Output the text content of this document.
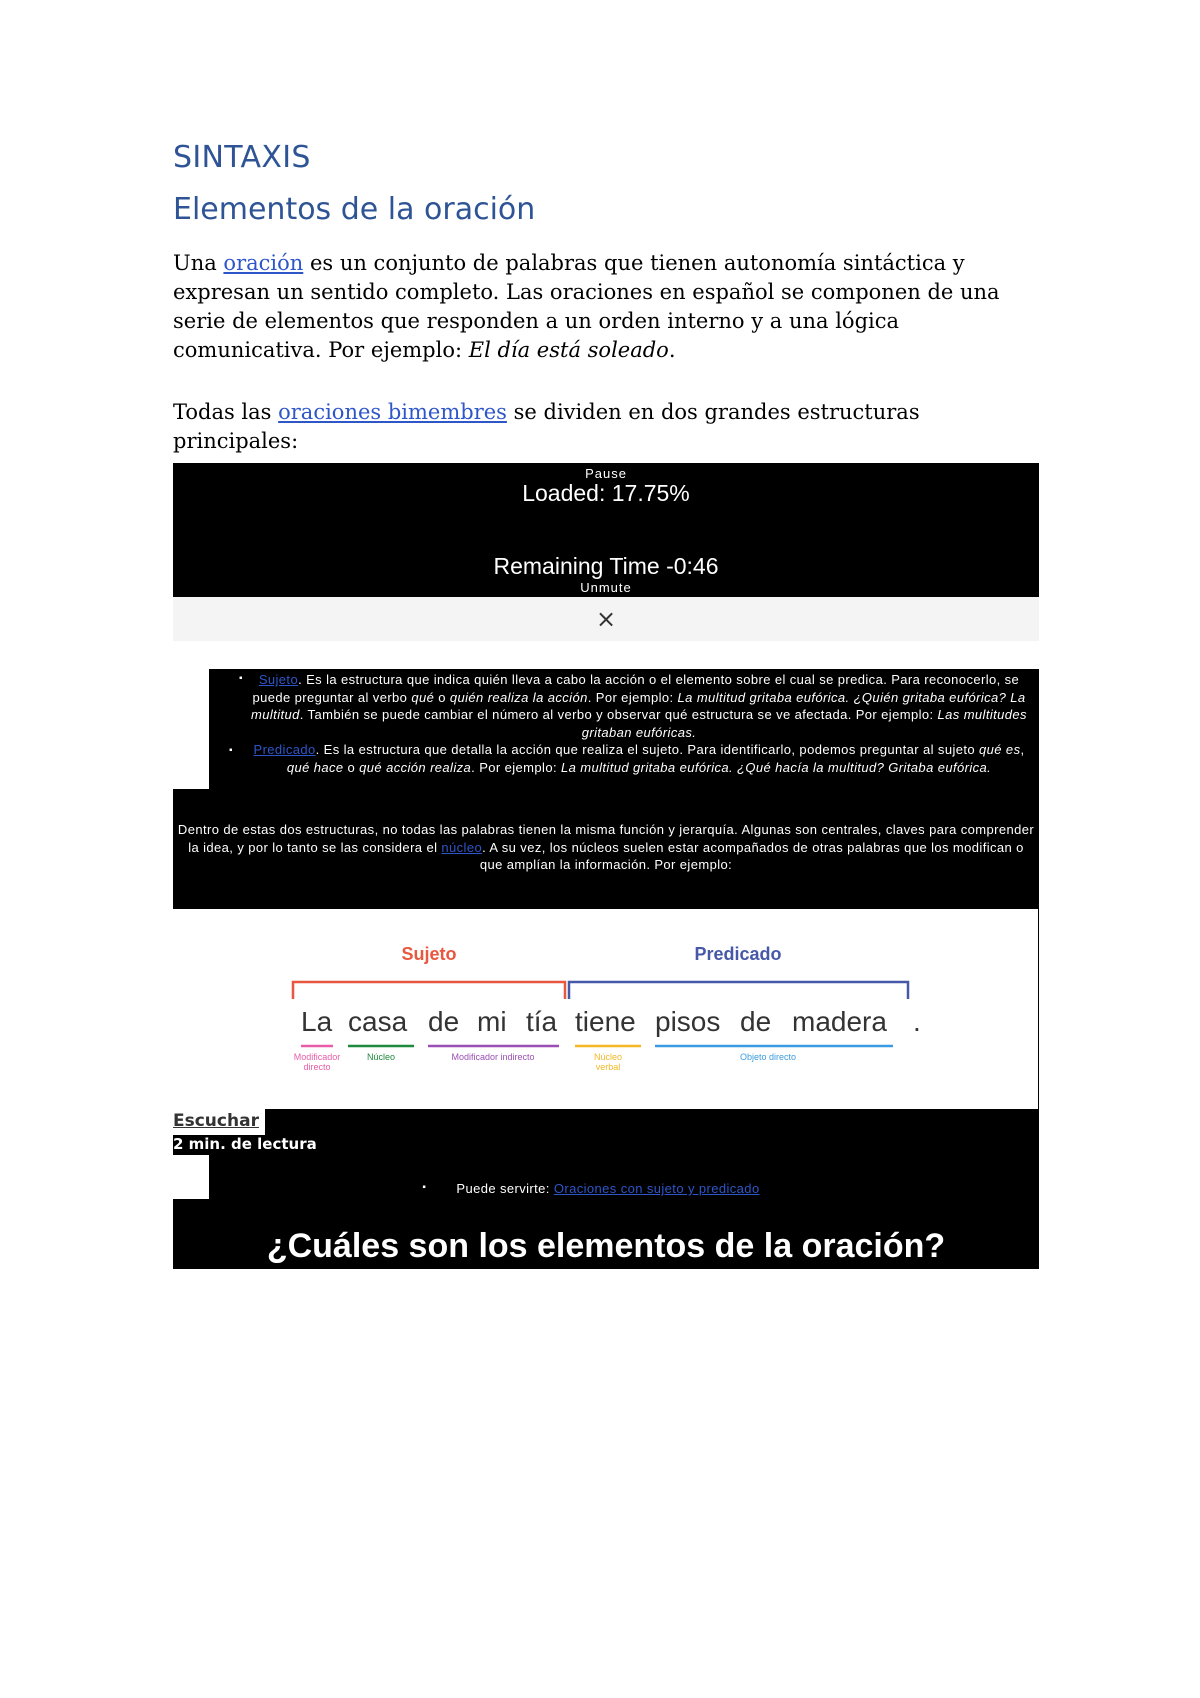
SINTAXIS
Elementos de la oración

Una oración es un conjunto de palabras que tienen autonomía sintáctica y expresan un sentido completo. Las oraciones en español se componen de una serie de elementos que responden a un orden interno y a una lógica comunicativa. Por ejemplo: El día está soleado.

Todas las oraciones bimembres se dividen en dos grandes estructuras principales:

Pause
Loaded: 17.75%
Remaining Time -0:46
Unmute
×
▪ Sujeto. Es la estructura que indica quién lleva a cabo la acción o el elemento sobre el cual se predica. Para reconocerlo, se puede preguntar al verbo qué o quién realiza la acción. Por ejemplo: La multitud gritaba eufórica. ¿Quién gritaba eufórica? La multitud. También se puede cambiar el número al verbo y observar qué estructura se ve afectada. Por ejemplo: Las multitudes gritaban eufóricas.
▪ Predicado. Es la estructura que detalla la acción que realiza el sujeto. Para identificarlo, podemos preguntar al sujeto qué es, qué hace o qué acción realiza. Por ejemplo: La multitud gritaba eufórica. ¿Qué hacía la multitud? Gritaba eufórica.
Dentro de estas dos estructuras, no todas las palabras tienen la misma función y jerarquía. Algunas son centrales, claves para comprender la idea, y por lo tanto se las considera el núcleo. A su vez, los núcleos suelen estar acompañados de otras palabras que los modifican o que amplían la información. Por ejemplo:
Sujeto	Predicado
La casa de mi tía tiene pisos de madera .
Modificador
directo
Núcleo	Modificador indirecto	Núcleo
verbal
Objeto directo
Escuchar
2 min. de lectura
▪ Puede servirte: Oraciones con sujeto y predicado
¿Cuáles son los elementos de la oración?
